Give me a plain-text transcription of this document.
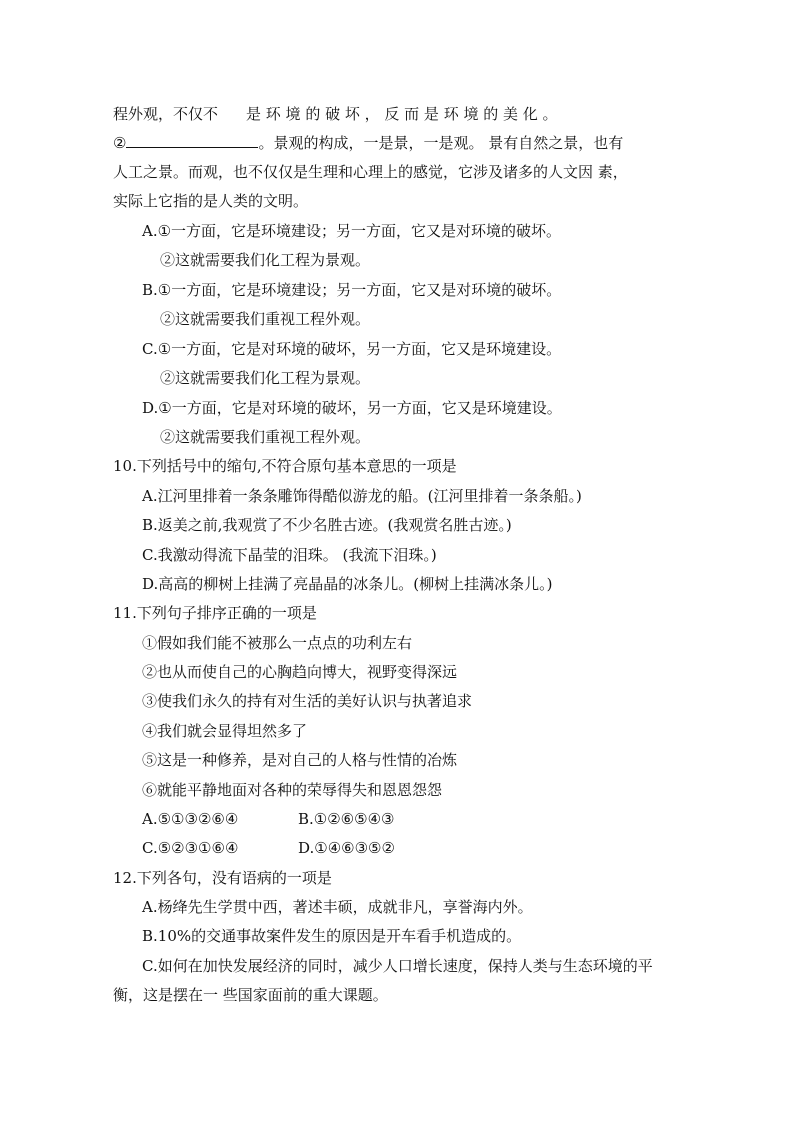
程外观，不仅不 是 环 境 的 破 坏 ， 反 而 是 环 境 的 美 化 。
②	。景观的构成，一是景，一是观。 景有自然之景，也有
人工之景。而观，也不仅仅是生理和心理上的感觉，它涉及诸多的人文因 素，
实际上它指的是人类的文明。
A.①一方面，它是环境建设；另一方面，它又是对环境的破坏。
②这就需要我们化工程为景观。
B.①一方面，它是环境建设；另一方面，它又是对环境的破坏。
②这就需要我们重视工程外观。
C.①一方面，它是对环境的破坏，另一方面，它又是环境建设。
②这就需要我们化工程为景观。
D.①一方面，它是对环境的破坏，另一方面，它又是环境建设。
②这就需要我们重视工程外观。
10.下列括号中的缩句,不符合原句基本意思的一项是
A.江河里排着一条条雕饰得酷似游龙的船。(江河里排着一条条船。)
B.返美之前,我观赏了不少名胜古迹。(我观赏名胜古迹。)
C.我激动得流下晶莹的泪珠。 (我流下泪珠。)
D.高高的柳树上挂满了亮晶晶的冰条儿。(柳树上挂满冰条儿。)
11.下列句子排序正确的一项是
①假如我们能不被那么一点点的功利左右
②也从而使自己的心胸趋向博大，视野变得深远
③使我们永久的持有对生活的美好认识与执著追求
④我们就会显得坦然多了
⑤这是一种修养，是对自己的人格与性情的冶炼
⑥就能平静地面对各种的荣辱得失和恩恩怨怨
A.⑤①③②⑥④	B.①②⑥⑤④③
C.⑤②③①⑥④	D.①④⑥③⑤②
12.下列各句，没有语病的一项是
A.杨绛先生学贯中西，著述丰硕，成就非凡，享誉海内外。
B.10%的交通事故案件发生的原因是开车看手机造成的。
C.如何在加快发展经济的同时，减少人口增长速度，保持人类与生态环境的平
衡，这是摆在一 些国家面前的重大课题。
